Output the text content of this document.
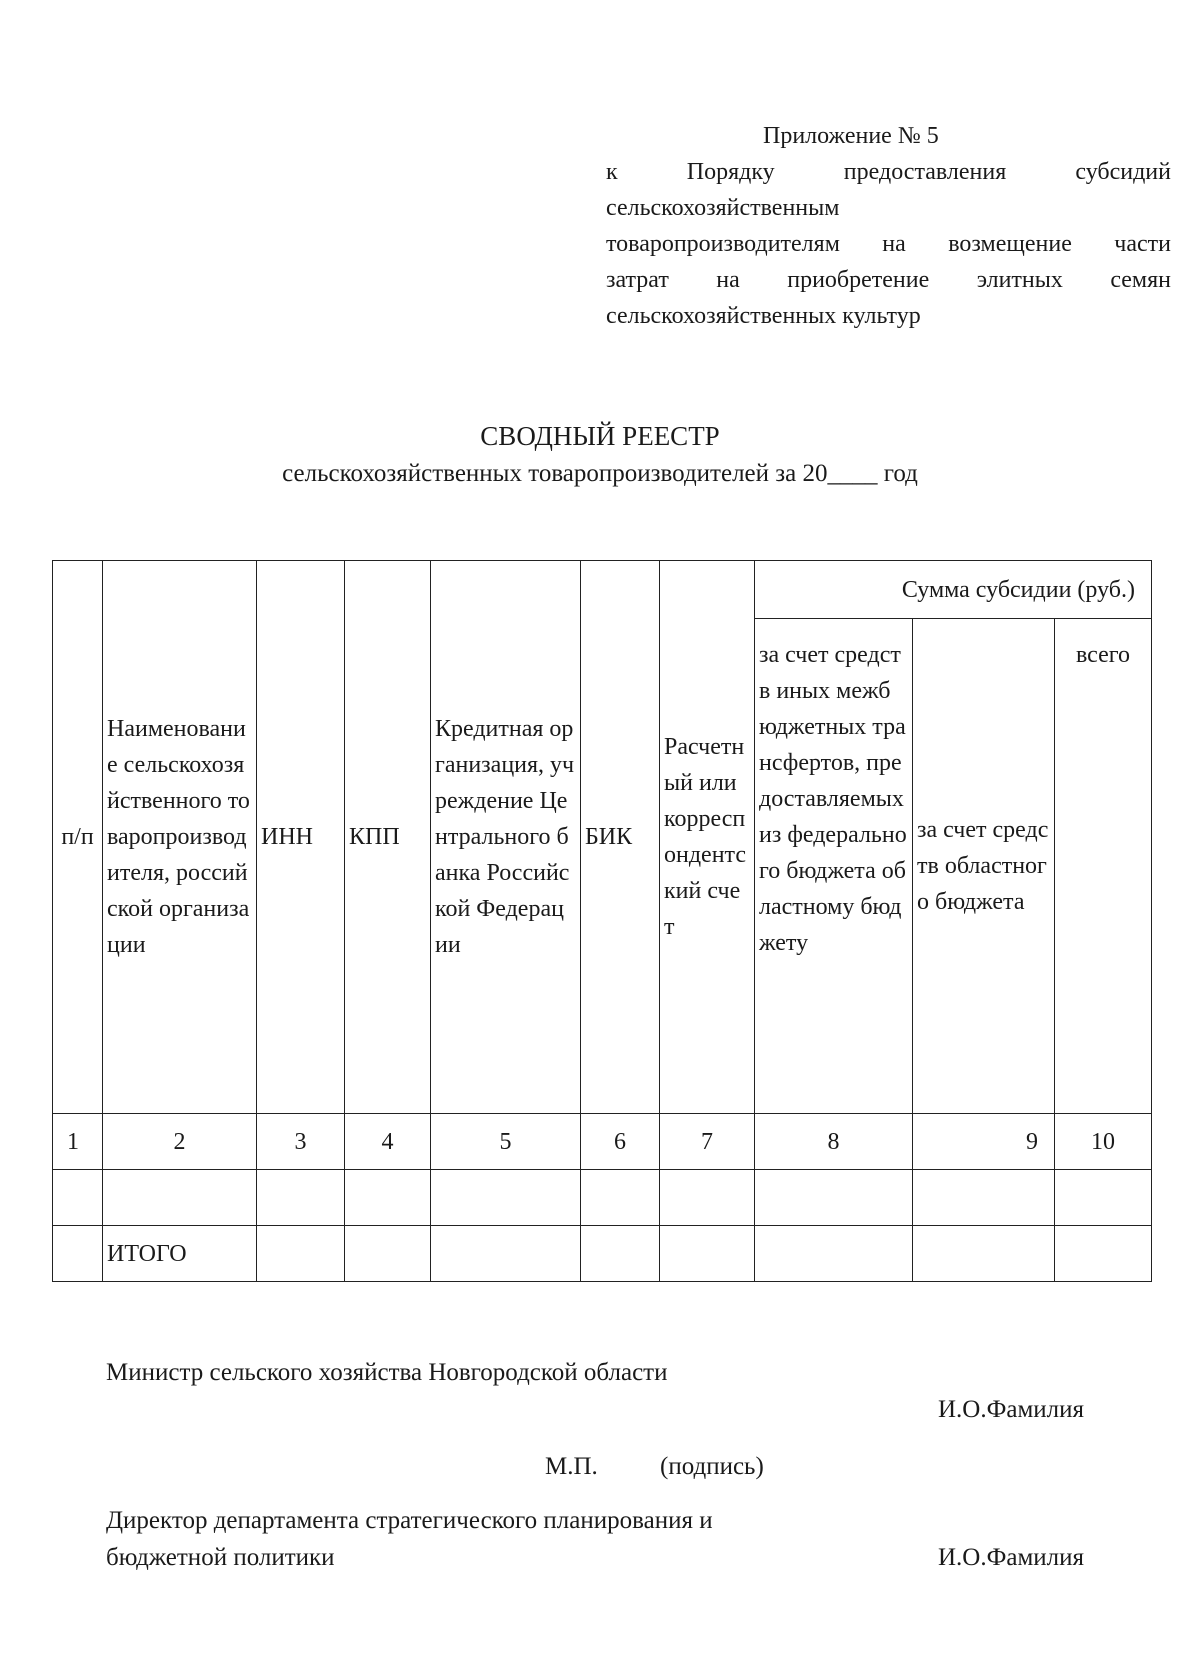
Приложение № 5
к Порядку предоставления субсидий
сельскохозяйственным
товаропроизводителям на возмещение части
затрат на приобретение элитных семян
сельскохозяйственных культур
СВОДНЫЙ РЕЕСТР
сельскохозяйственных товаропроизводителей за 20____ год
п/п	Наименование сельскохозяйственного товаропроизводителя, российской организации	ИНН	КПП	Кредитная организация, учреждение Центрального банка Российской Федерации	БИК	Расчетный или корреспондентский счет	Сумма субсидии (руб.)		
							за счет средств иных межбюджетных трансфертов, предоставляемых из федерального бюджета областному бюджету	за счет средств областного бюджета	всего
1	2	3	4	5	6	7	8	9	10

	ИТОГО								
Министр сельского хозяйства Новгородской области
И.О.Фамилия
М.П. (подпись)
Директор департамента стратегического планирования и бюджетной политики	И.О.Фамилия
